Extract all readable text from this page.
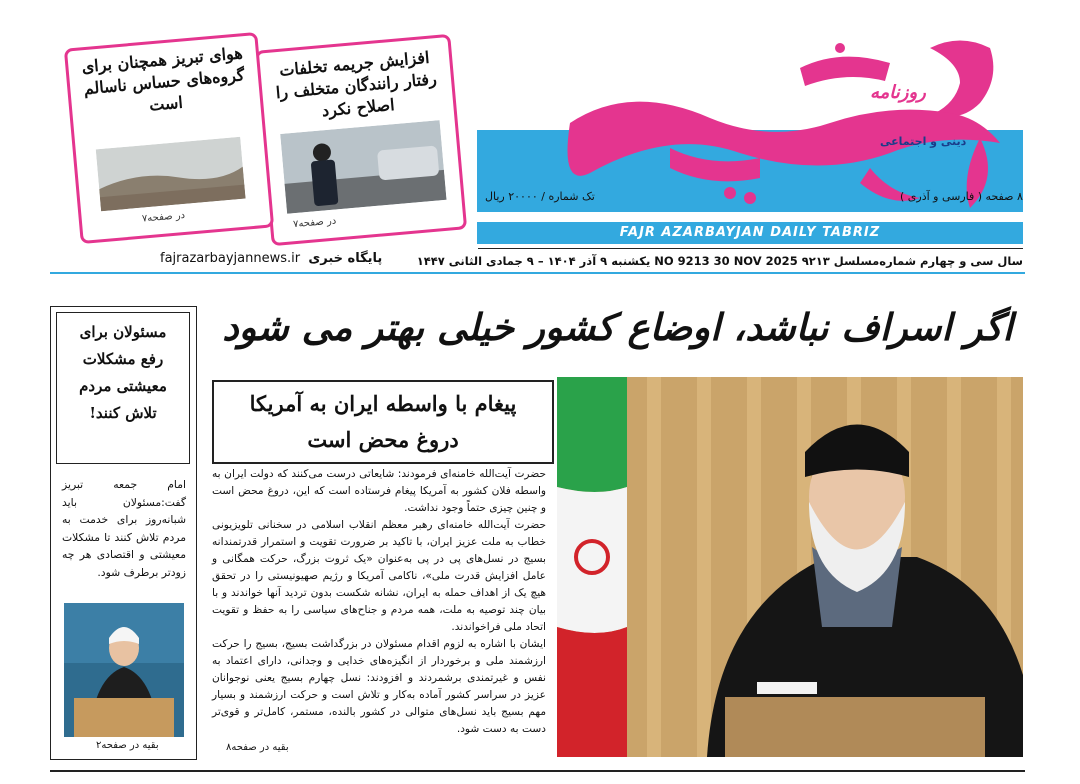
روزنامه
دینی و اجتماعی
۸ صفحه ( فارسی و آذری )
تک شماره / ۲۰۰۰۰ ریال
FAJR AZARBAYJAN DAILY TABRIZ
سال سی و چهارم شماره‌مسلسل ۹۲۱۳ NO 9213 30 NOV 2025 یکشنبه ۹ آذر ۱۴۰۴ – ۹ جمادی الثانی ۱۴۴۷
fajrazarbayjannews.ir پایگاه خبری
افزایش جریمه تخلفات رفتار رانندگان متخلف را اصلاح نکرد
در صفحه۷
هوای تبریز همچنان برای گروه‌های حساس ناسالم است
در صفحه۷
اگر اسراف نباشد، اوضاع کشور خیلی بهتر می شود
پیغام با واسطه ایران به آمریکا
دروغ محض است
حضرت آیت‌الله خامنه‌ای فرمودند: شایعاتی درست می‌کنند که دولت ایران به واسطه فلان کشور به آمریکا پیغام فرستاده است که این، دروغ محض است و چنین چیزی حتماً وجود نداشت.
حضرت آیت‌الله خامنه‌ای رهبر معظم انقلاب اسلامی در سخنانی تلویزیونی خطاب به ملت عزیز ایران، با تاکید بر ضرورت تقویت و استمرار قدرتمندانه بسیج در نسل‌های پی در پی به‌عنوان «یک ثروت بزرگ، حرکت همگانی و عامل افزایش قدرت ملی»، ناکامی آمریکا و رژیم صهیونیستی را در تحقق هیچ یک از اهداف حمله به ایران، نشانه شکست بدون تردید آنها خواندند و با بیان چند توصیه به ملت، همه مردم و جناح‌های سیاسی را به حفظ و تقویت اتحاد ملی فراخواندند.
ایشان با اشاره به لزوم اقدام مسئولان در بزرگداشت بسیج، بسیج را حرکت ارزشمند ملی و برخوردار از انگیزه‌های خدایی و وجدانی، دارای اعتماد به نفس و غیرتمندی برشمردند و افزودند: نسل چهارم بسیج یعنی نوجوانان عزیز در سراسر کشور آماده به‌کار و تلاش است و حرکت ارزشمند و بسیار مهم بسیج باید نسل‌های متوالی در کشور بالنده، مستمر، کامل‌تر و قوی‌تر دست به دست شود.
بقیه در صفحه۸
مسئولان برای رفع مشکلات معیشتی مردم تلاش کنند!
امام جمعه تبریز گفت:مسئولان باید شبانه‌روز برای خدمت به مردم تلاش کنند تا مشکلات معیشتی و اقتصادی هر چه زودتر برطرف شود.
بقیه در صفحه۲
